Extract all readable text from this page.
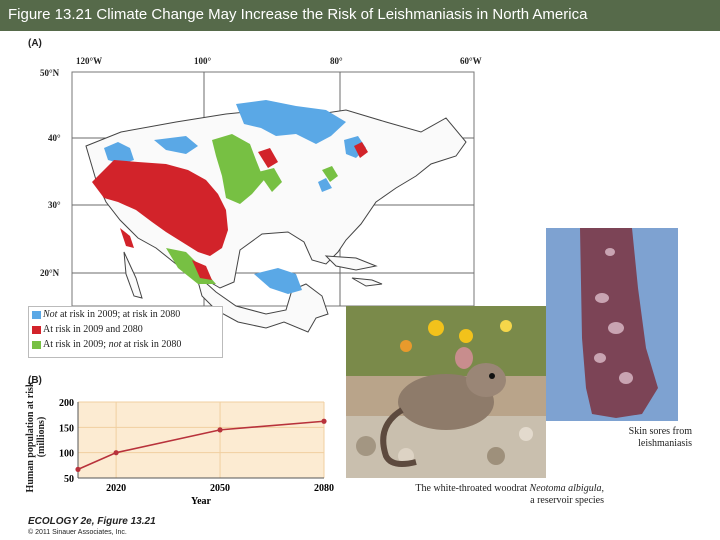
Figure 13.21 Climate Change May Increase the Risk of Leishmaniasis in North America
(A)
120°W	100°	80°	60°W
50°N
40°
30°
20°N
Not at risk in 2009; at risk in 2080
At risk in 2009 and 2080
At risk in 2009; not at risk in 2080
(B)
Human population at risk (millions)
50
100
150
200
2020	2050	2080
Year
Skin sores from
leishmaniasis
The white-throated woodrat Neotoma albigula,
a reservoir species
ECOLOGY 2e, Figure 13.21
© 2011 Sinauer Associates, Inc.
